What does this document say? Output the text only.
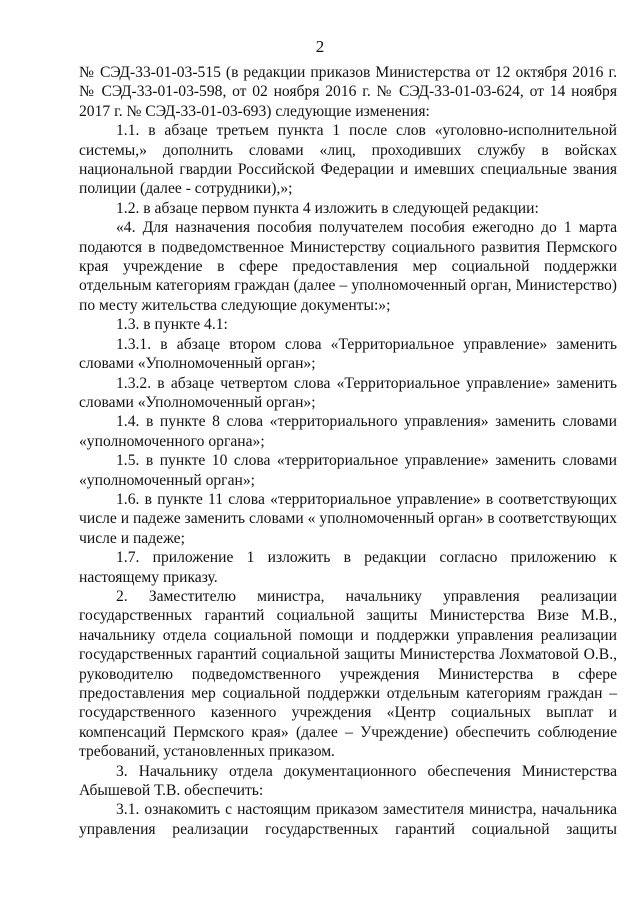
2

№ СЭД-33-01-03-515 (в редакции приказов Министерства от 12 октября 2016 г. № СЭД-33-01-03-598, от 02 ноября 2016 г. № СЭД-33-01-03-624, от 14 ноября 2017 г. № СЭД-33-01-03-693) следующие изменения:

1.1. в абзаце третьем пункта 1 после слов «уголовно-исполнительной системы,» дополнить словами «лиц, проходивших службу в войсках национальной гвардии Российской Федерации и имевших специальные звания полиции (далее - сотрудники),»;

1.2. в абзаце первом пункта 4 изложить в следующей редакции:

«4. Для назначения пособия получателем пособия ежегодно до 1 марта подаются в подведомственное Министерству социального развития Пермского края учреждение в сфере предоставления мер социальной поддержки отдельным категориям граждан (далее – уполномоченный орган, Министерство) по месту жительства следующие документы:»;

1.3. в пункте 4.1:

1.3.1. в абзаце втором слова «Территориальное управление» заменить словами «Уполномоченный орган»;

1.3.2. в абзаце четвертом слова «Территориальное управление» заменить словами «Уполномоченный орган»;

1.4. в пункте 8 слова «территориального управления» заменить словами «уполномоченного органа»;

1.5. в пункте 10 слова «территориальное управление» заменить словами «уполномоченный орган»;

1.6. в пункте 11 слова «территориальное управление» в соответствующих числе и падеже заменить словами « уполномоченный орган» в соответствующих числе и падеже;

1.7. приложение 1 изложить в редакции согласно приложению к настоящему приказу.

2. Заместителю министра, начальнику управления реализации государственных гарантий социальной защиты Министерства Визе М.В., начальнику отдела социальной помощи и поддержки управления реализации государственных гарантий социальной защиты Министерства Лохматовой О.В., руководителю подведомственного учреждения Министерства в сфере предоставления мер социальной поддержки отдельным категориям граждан – государственного казенного учреждения «Центр социальных выплат и компенсаций Пермского края» (далее – Учреждение) обеспечить соблюдение требований, установленных приказом.

3. Начальнику отдела документационного обеспечения Министерства Абышевой Т.В. обеспечить:

3.1. ознакомить с настоящим приказом заместителя министра, начальника управления реализации государственных гарантий социальной защиты
